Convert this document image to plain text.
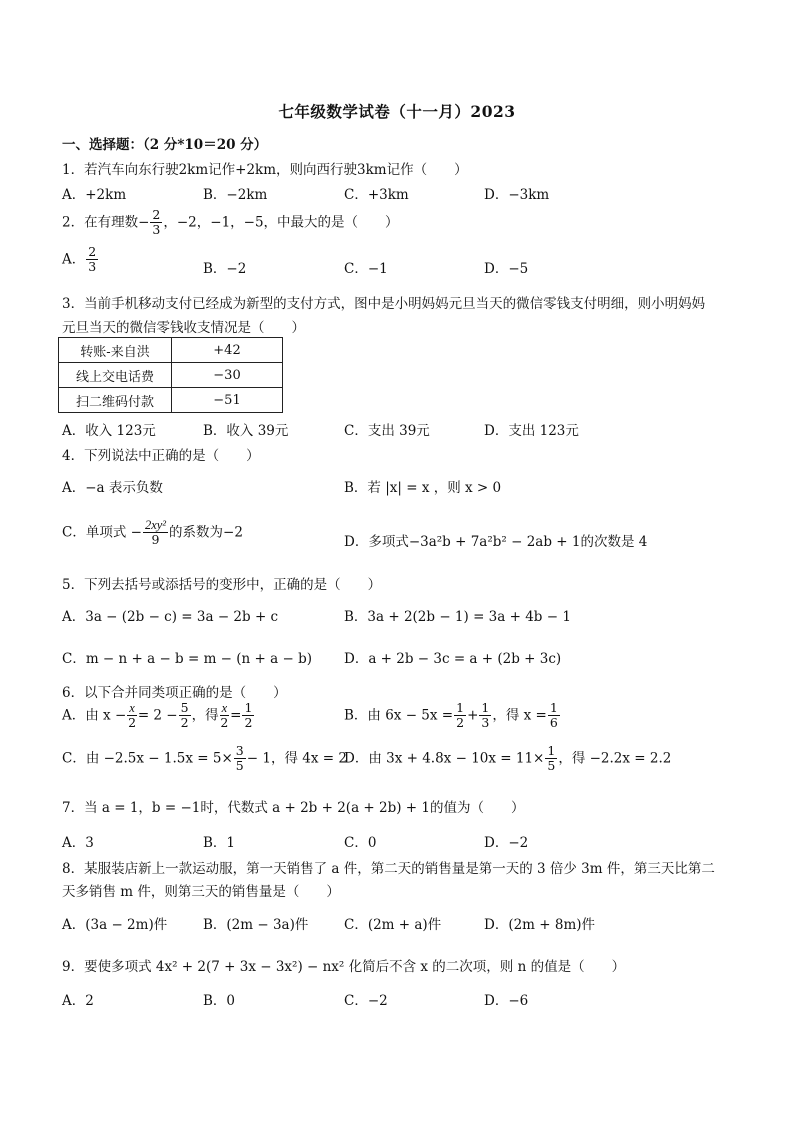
七年级数学试卷（十一月）2023
一、选择题：（2 分*10＝20 分）
1．若汽车向东行驶2km记作+2km，则向西行驶3km记作（　　）
A．+2km	B．−2km	C．+3km	D．−3km
2．在有理数− $\frac{2}{3}$ ，−2，−1，−5，中最大的是（　　）
A． $\frac{2}{3}$	B．−2	C．−1	D．−5
3．当前手机移动支付已经成为新型的支付方式，图中是小明妈妈元旦当天的微信零钱支付明细，则小明妈妈
元旦当天的微信零钱收支情况是（　　）
转账-来自洪	+42
线上交电话费	−30
扫二维码付款	−51
A．收入 123元	B．收入 39元	C．支出 39元	D．支出 123元
4．下列说法中正确的是（　　）
A．−a 表示负数	B．若 |x| = x ，则 x > 0
C．单项式 − $\frac{\text{2xy²}}{9}$ 的系数为−2
D．多项式−3a²b + 7a²b² − 2ab + 1的次数是 4
5．下列去括号或添括号的变形中，正确的是（　　）
A．3a − (2b − c) = 3a − 2b + c	B．3a + 2(2b − 1) = 3a + 4b − 1
C．m − n + a − b = m − (n + a − b) D．a + 2b − 3c = a + (2b + 3c)
6．以下合并同类项正确的是（　　）
A．由 $x - \frac{x}{2} = 2 - \frac{5}{2}$ ，得 $\frac{x}{2} = \frac{1}{2}$	B．由 $6x - 5x = \frac{1}{2} + \frac{1}{3}$ ，得 $x = \frac{1}{6}$
C．由 $-2.5x - 1.5x = 5\times \frac{3}{5} - 1$，得 4x = 2
D．由 $3x + 4.8x - 10x = 11\times \frac{1}{5}$ ，得 −2.2x = 2.2
7．当 a = 1，b = −1时，代数式 a + 2b + 2(a + 2b) + 1的值为（　　）
A．3	B．1	C．0	D．−2
8．某服装店新上一款运动服，第一天销售了 a 件，第二天的销售量是第一天的 3 倍少 3m 件，第三天比第二
天多销售 m 件，则第三天的销售量是（　　）
A．(3a − 2m)件	B．(2m − 3a)件	C．(2m + a)件	D．(2m + 8m)件
9．要使多项式 4x² + 2(7 + 3x − 3x²) − nx² 化简后不含 x 的二次项，则 n 的值是（　　）
A．2	B．0	C．−2	D．−6
